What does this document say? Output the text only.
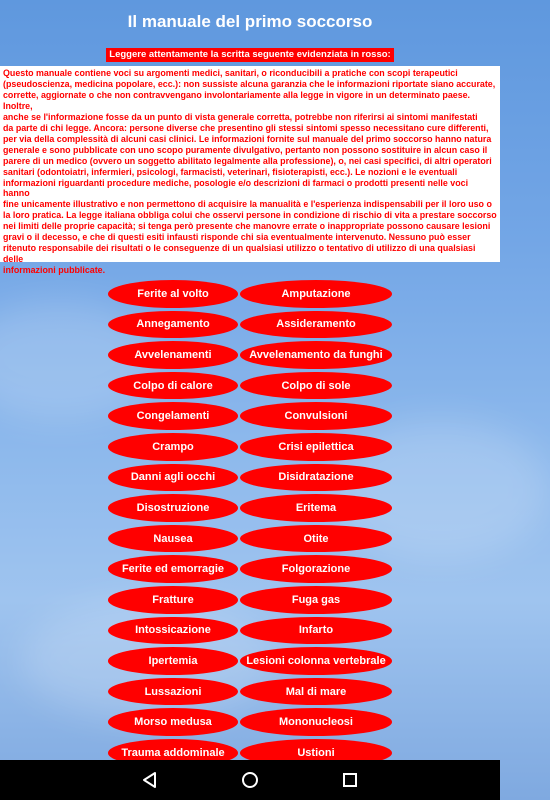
Il manuale del primo soccorso
Leggere attentamente la scritta seguente evidenziata in rosso:
Questo manuale contiene voci su argomenti medici, sanitari, o riconducibili a pratiche con scopi terapeutici
(pseudoscienza, medicina popolare, ecc.): non sussiste alcuna garanzia che le informazioni riportate siano accurate,
corrette, aggiornate o che non contravvengano involontariamente alla legge in vigore in un determinato paese. Inoltre,
anche se l'informazione fosse da un punto di vista generale corretta, potrebbe non riferirsi ai sintomi manifestati
da parte di chi legge. Ancora: persone diverse che presentino gli stessi sintomi spesso necessitano cure differenti,
per via della complessità di alcuni casi clinici. Le informazioni fornite sul manuale del primo soccorso hanno natura
generale e sono pubblicate con uno scopo puramente divulgativo, pertanto non possono sostituire in alcun caso il
parere di un medico (ovvero un soggetto abilitato legalmente alla professione), o, nei casi specifici, di altri operatori
sanitari (odontoiatri, infermieri, psicologi, farmacisti, veterinari, fisioterapisti, ecc.). Le nozioni e le eventuali
informazioni riguardanti procedure mediche, posologie e/o descrizioni di farmaci o prodotti presenti nelle voci hanno
fine unicamente illustrativo e non permettono di acquisire la manualità e l'esperienza indispensabili per il loro uso o
la loro pratica. La legge italiana obbliga colui che osservi persone in condizione di rischio di vita a prestare soccorso
nei limiti delle proprie capacità; si tenga però presente che manovre errate o inappropriate possono causare lesioni
gravi o il decesso, e che di questi esiti infausti risponde chi sia eventualmente intervenuto. Nessuno può esser
ritenuto responsabile dei risultati o le conseguenze di un qualsiasi utilizzo o tentativo di utilizzo di una qualsiasi delle
informazioni pubblicate.
Ferite al volto	Amputazione
Annegamento	Assideramento
Avvelenamenti	Avvelenamento da funghi
Colpo di calore	Colpo di sole
Congelamenti	Convulsioni
Crampo	Crisi epilettica
Danni agli occhi	Disidratazione
Disostruzione	Eritema
Nausea	Otite
Ferite ed emorragie	Folgorazione
Fratture	Fuga gas
Intossicazione	Infarto
Ipertemia	Lesioni colonna vertebrale
Lussazioni	Mal di mare
Morso medusa	Mononucleosi
Trauma addominale	Ustioni
